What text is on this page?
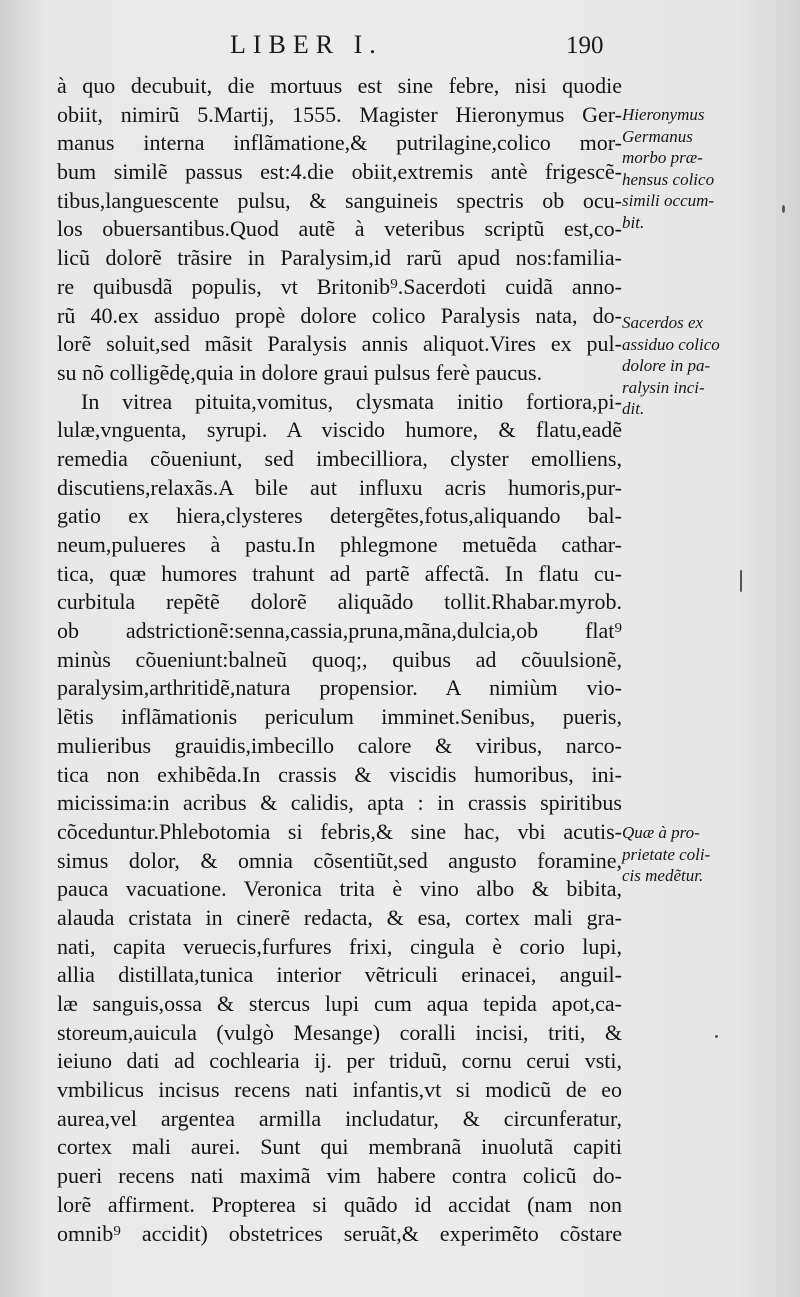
LIBER I.	190
à quo decubuit, die mortuus est sine febre, nisi quodie
obiit, nimirũ 5.Martij, 1555. Magister Hieronymus Ger-
manus interna inflãmatione,& putrilagine,colico mor-
bum similẽ passus est:4.die obiit,extremis antè frigescẽ-
tibus,languescente pulsu, & sanguineis spectris ob ocu-
los obuersantibus.Quod autẽ à veteribus scriptũ est,co-
licũ dolorẽ trãsire in Paralysim,id rarũ apud nos:familia-
re quibusdã populis, vt Britonib⁹.Sacerdoti cuidã anno-
rũ 40.ex assiduo propè dolore colico Paralysis nata, do-
lorẽ soluit,sed mãsit Paralysis annis aliquot.Vires ex pul-
su nõ colligẽdę,quia in dolore graui pulsus ferè paucus.
In vitrea pituita,vomitus, clysmata initio fortiora,pi-
lulæ,vnguenta, syrupi. A viscido humore, & flatu,eadẽ
remedia cõueniunt, sed imbecilliora, clyster emolliens,
discutiens,relaxãs.A bile aut influxu acris humoris,pur-
gatio ex hiera,clysteres detergẽtes,fotus,aliquando bal-
neum,pulueres à pastu.In phlegmone metuẽda cathar-
tica, quæ humores trahunt ad partẽ affectã. In flatu cu-
curbitula repẽtẽ dolorẽ aliquãdo tollit.Rhabar.myrob.
ob adstrictionẽ:senna,cassia,pruna,mãna,dulcia,ob flat⁹
minùs cõueniunt:balneũ quoq;, quibus ad cõuulsionẽ,
paralysim,arthritidẽ,natura propensior. A nimiùm vio-
lẽtis inflãmationis periculum imminet.Senibus, pueris,
mulieribus grauidis,imbecillo calore & viribus, narco-
tica non exhibẽda.In crassis & viscidis humoribus, ini-
micissima:in acribus & calidis, apta : in crassis spiritibus
cõceduntur.Phlebotomia si febris,& sine hac, vbi acutis-
simus dolor, & omnia cõsentiũt,sed angusto foramine,
pauca vacuatione. Veronica trita è vino albo & bibita,
alauda cristata in cinerẽ redacta, & esa, cortex mali gra-
nati, capita veruecis,furfures frixi, cingula è corio lupi,
allia distillata,tunica interior vẽtriculi erinacei, anguil-
læ sanguis,ossa & stercus lupi cum aqua tepida apot,ca-
storeum,auicula (vulgò Mesange) coralli incisi, triti, &
ieiuno dati ad cochlearia ij. per triduũ, cornu cerui vsti,
vmbilicus incisus recens nati infantis,vt si modicũ de eo
aurea,vel argentea armilla includatur, & circunferatur,
cortex mali aurei. Sunt qui membranã inuolutã capiti
pueri recens nati maximã vim habere contra colicũ do-
lorẽ affirment. Propterea si quãdo id accidat (nam non
omnib⁹ accidit) obstetrices seruãt,& experimẽto cõstare
Hieronymus
Germanus
morbo præ-
hensus colico
simili occum-
bit.
Sacerdos ex
assiduo colico
dolore in pa-
ralysin inci-
dit.
Quæ à pro-
prietate coli-
cis medẽtur.
